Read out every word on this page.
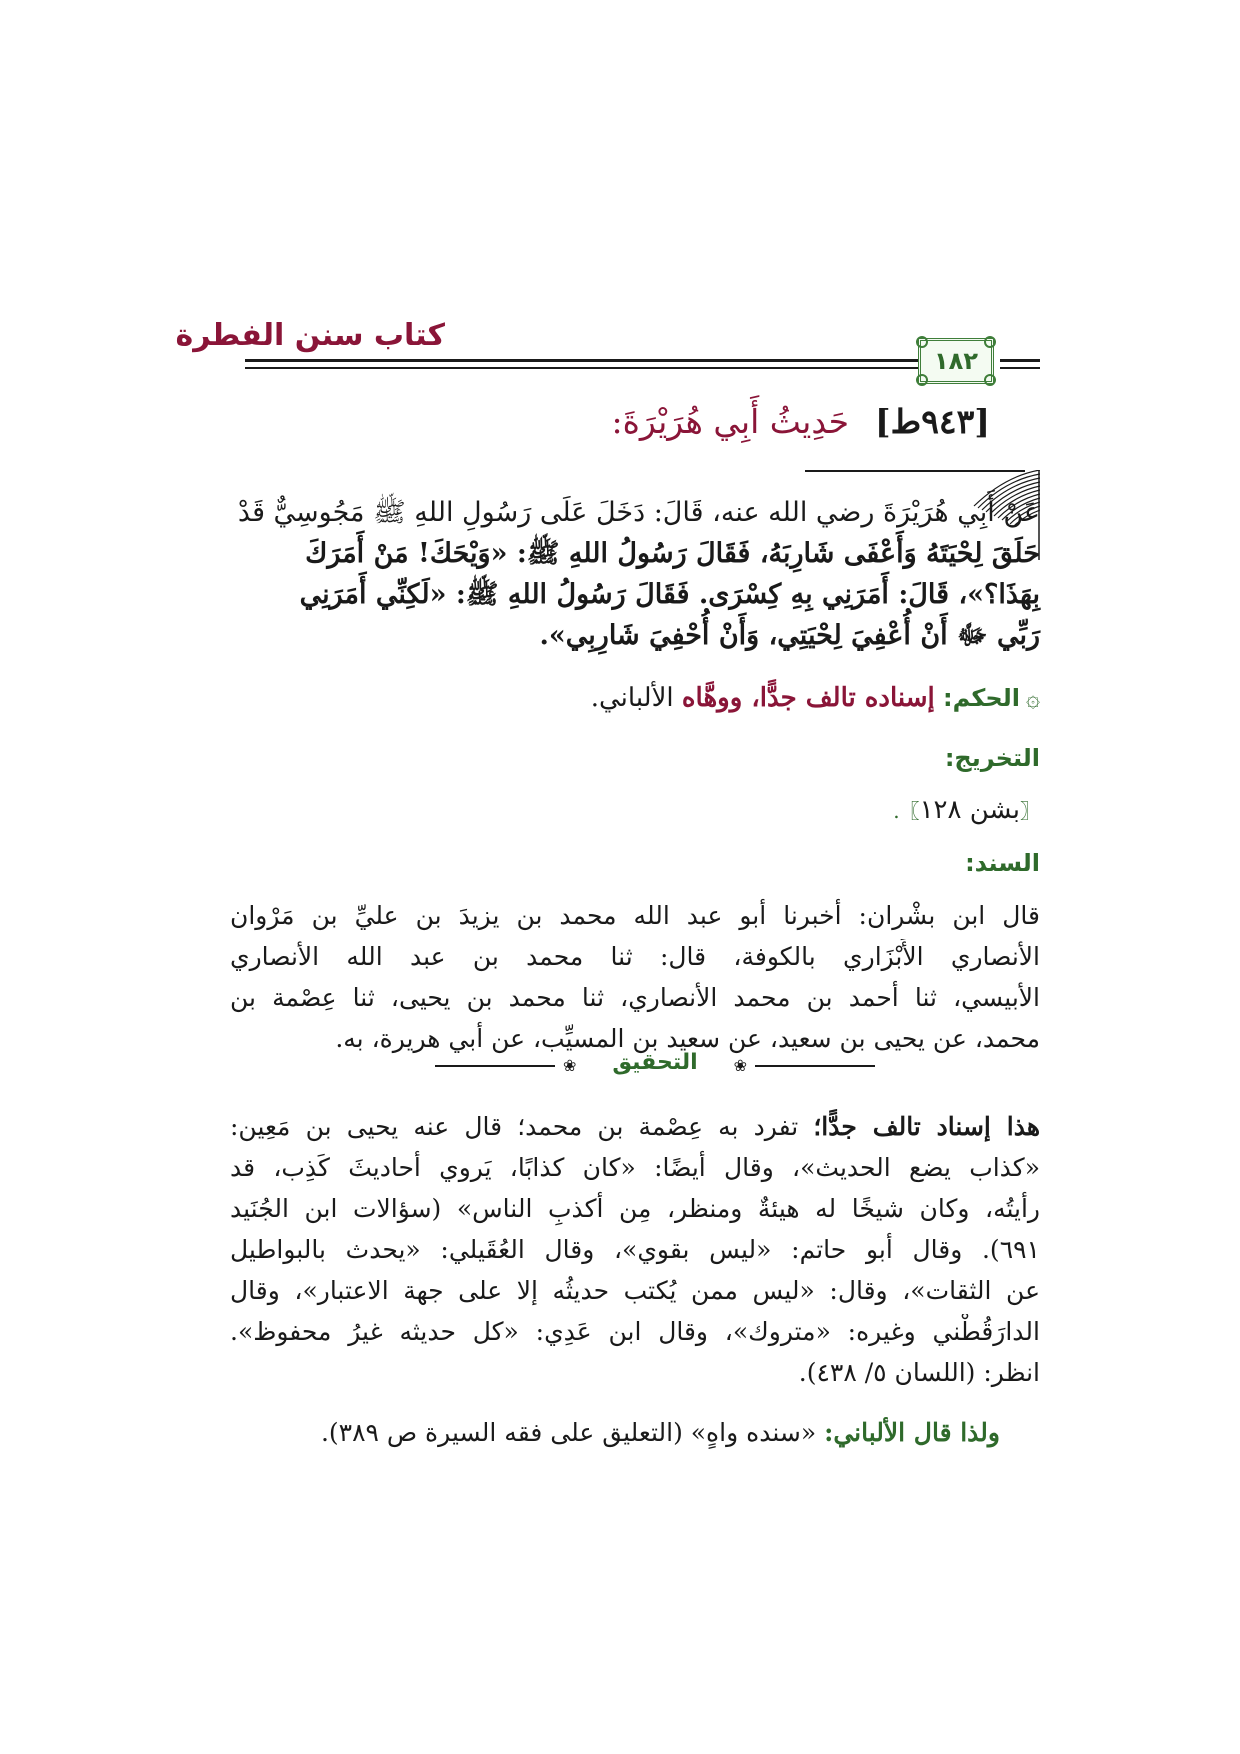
كتاب سنن الفطرة
١٨٢
[٩٤٣ط]حَدِيثُ أَبِي هُرَيْرَةَ:
عَنْ أَبِي هُرَيْرَةَ رضي الله عنه، قَالَ: دَخَلَ عَلَى رَسُولِ اللهِ ﷺ مَجُوسِيٌّ قَدْ
حَلَقَ لِحْيَتَهُ وَأَعْفَى شَارِبَهُ، فَقَالَ رَسُولُ اللهِ ﷺ: «وَيْحَكَ! مَنْ أَمَرَكَ
بِهَذَا؟»، قَالَ: أَمَرَنِي بِهِ كِسْرَى. فَقَالَ رَسُولُ اللهِ ﷺ: «لَكِنِّي أَمَرَنِي
رَبِّي ﷻ أَنْ أُعْفِيَ لِحْيَتِي، وَأَنْ أُحْفِيَ شَارِبِي».
۞الحكم: إسناده تالف جدًّا، ووهَّاه الألباني.
التخريج:
〖بشن ١٢٨〗.
السند:
قال ابن بشْران: أخبرنا أبو عبد الله محمد بن يزيدَ بن عليِّ بن مَرْوان
الأنصاري الأَبْزَاري بالكوفة، قال: ثنا محمد بن عبد الله الأنصاري
الأبيسي، ثنا أحمد بن محمد الأنصاري، ثنا محمد بن يحيى، ثنا عِصْمة بن
محمد، عن يحيى بن سعيد، عن سعيد بن المسيِّب، عن أبي هريرة، به.
❀	التحقيق	❀
هذا إسناد تالف جدًّا؛ تفرد به عِصْمة بن محمد؛ قال عنه يحيى بن مَعِين:
«كذاب يضع الحديث»، وقال أيضًا: «كان كذابًا، يَروي أحاديثَ كَذِب، قد
رأيتُه، وكان شيخًا له هيئةٌ ومنظر، مِن أكذبِ الناس» (سؤالات ابن الجُنَيد
٦٩١). وقال أبو حاتم: «ليس بقوي»، وقال العُقَيلي: «يحدث بالبواطيل
عن الثقات»، وقال: «ليس ممن يُكتب حديثُه إلا على جهة الاعتبار»، وقال
الدارَقُطْني وغيره: «متروك»، وقال ابن عَدِي: «كل حديثه غيرُ محفوظ».
انظر: (اللسان ٥/ ٤٣٨).
ولذا قال الألباني: «سنده واهٍ» (التعليق على فقه السيرة ص ٣٨٩).
